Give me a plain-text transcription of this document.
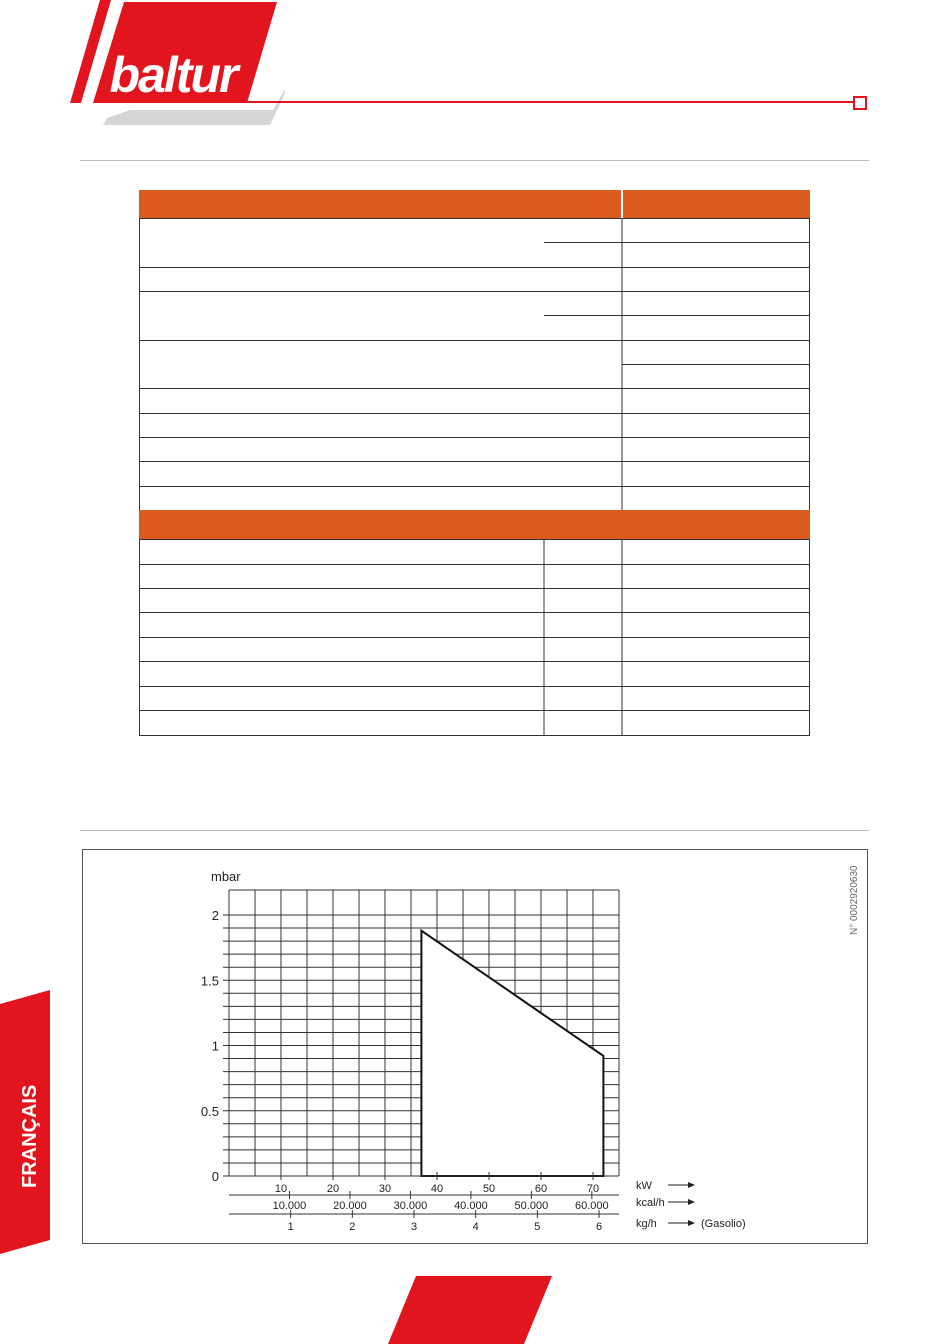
baltur
0
0.5
1
1.5
2
10	20	30	40	50	60	70	kW
10.000 20.000 30.000 40.000 50.000 60.000 kcal/h
1	2	3	4	5	6	kg/h	(Gasolio)
mbar	N° 0002920630
FRANÇAIS
